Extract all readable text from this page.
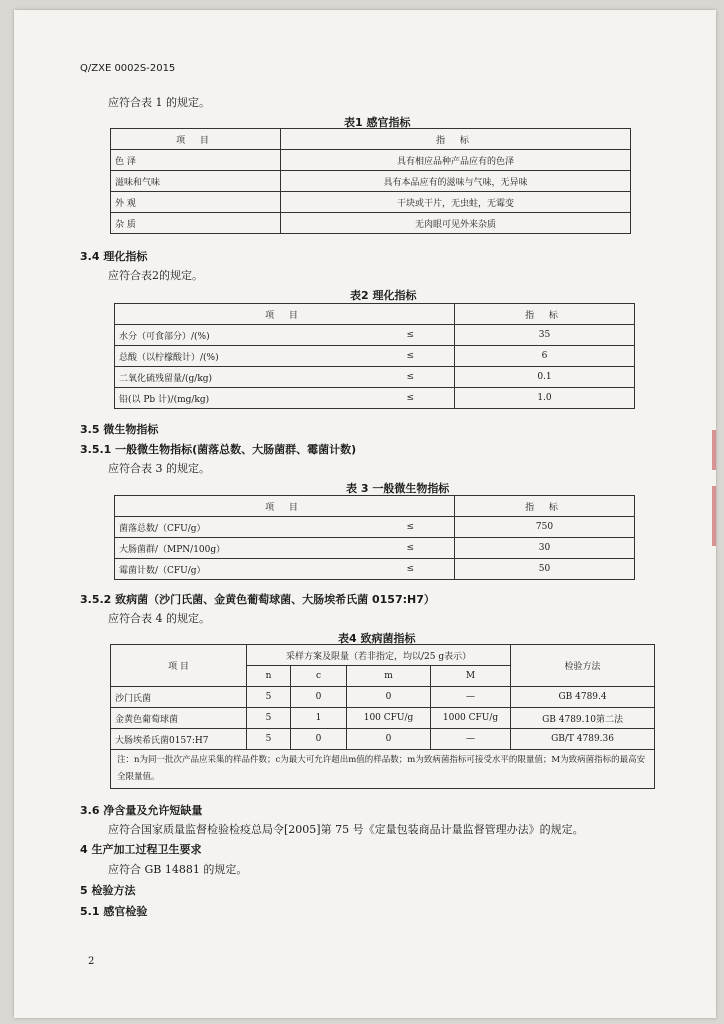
Q/ZXE 0002S-2015
应符合表 1 的规定。
表1 感官指标
项 目	指 标
色 泽	具有相应品种产品应有的色泽
滋味和气味	具有本品应有的滋味与气味，无异味
外 观	干块或干片，无虫蛀，无霉变
杂 质	无肉眼可见外来杂质
3.4 理化指标
应符合表2的规定。
表2 理化指标
项 目		指 标
水分（可食部分）/(%)	≤	35
总酸（以柠檬酸计）/(%)	≤	6
二氧化硫残留量/(g/kg)	≤	0.1
铅(以 Pb 计)/(mg/kg)	≤	1.0
3.5 微生物指标
3.5.1 一般微生物指标(菌落总数、大肠菌群、霉菌计数)
应符合表 3 的规定。
表 3 一般微生物指标
项 目		指 标
菌落总数/（CFU/g）	≤	750
大肠菌群/（MPN/100g）	≤	30
霉菌计数/（CFU/g）	≤	50
3.5.2 致病菌（沙门氏菌、金黄色葡萄球菌、大肠埃希氏菌 0157:H7）
应符合表 4 的规定。
表4 致病菌指标
项 目	采样方案及限量（若非指定，均以/25 g表示）				检验方法
	n	c	m	M	
沙门氏菌	5	0	0	—	GB 4789.4
金黄色葡萄球菌	5	1	100 CFU/g	1000 CFU/g	GB 4789.10第二法
大肠埃希氏菌0157:H7	5	0	0	—	GB/T 4789.36
注：n为同一批次产品应采集的样品件数；c为最大可允许超出m值的样品数；m为致病菌指标可接受水平的限量值；M为致病菌指标的最高安全限量值。					
3.6 净含量及允许短缺量
应符合国家质量监督检验检疫总局令[2005]第 75 号《定量包装商品计量监督管理办法》的规定。
4 生产加工过程卫生要求
应符合 GB 14881 的规定。
5 检验方法
5.1 感官检验
2
